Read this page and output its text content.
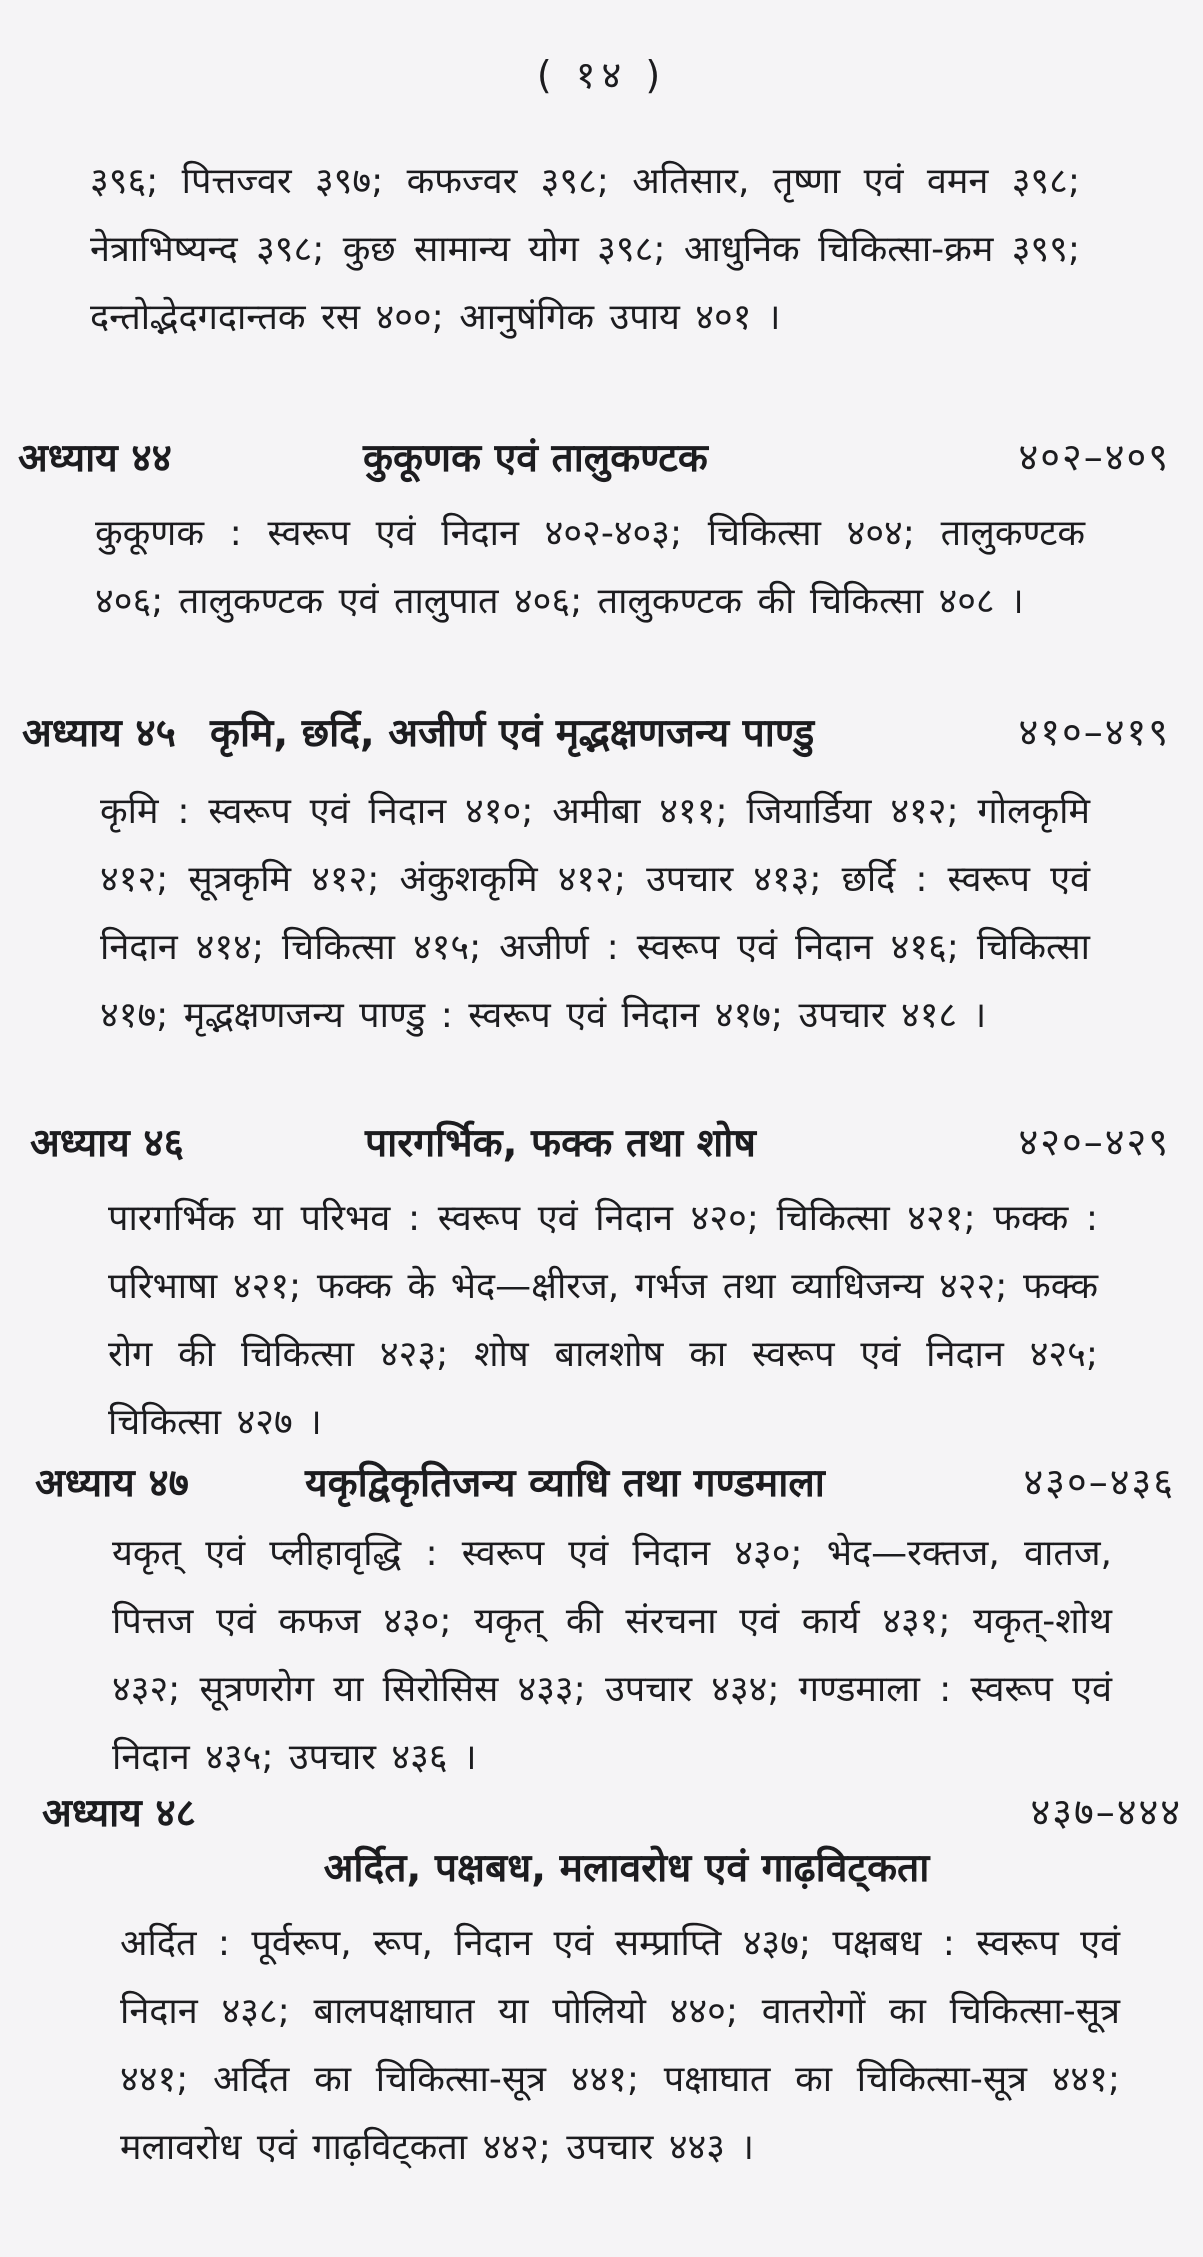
( १४ )
३९६; पित्तज्वर ३९७; कफज्वर ३९८; अतिसार, तृष्णा एवं वमन ३९८; नेत्राभिष्यन्द ३९८; कुछ सामान्य योग ३९८; आधुनिक चिकित्सा-क्रम ३९९; दन्तोद्भेदगदान्तक रस ४००; आनुषंगिक उपाय ४०१ ।
अध्याय ४४	कुकूणक एवं तालुकण्टक	४०२–४०९
कुकूणक : स्वरूप एवं निदान ४०२-४०३; चिकित्सा ४०४; तालुकण्टक ४०६; तालुकण्टक एवं तालुपात ४०६; तालुकण्टक की चिकित्सा ४०८ ।
अध्याय ४५ कृमि, छर्दि, अजीर्ण एवं मृद्भक्षणजन्य पाण्डु	४१०–४१९
कृमि : स्वरूप एवं निदान ४१०; अमीबा ४११; जियार्डिया ४१२; गोलकृमि ४१२; सूत्रकृमि ४१२; अंकुशकृमि ४१२; उपचार ४१३; छर्दि : स्वरूप एवं निदान ४१४; चिकित्सा ४१५; अजीर्ण : स्वरूप एवं निदान ४१६; चिकित्सा ४१७; मृद्भक्षणजन्य पाण्डु : स्वरूप एवं निदान ४१७; उपचार ४१८ ।
अध्याय ४६	पारगर्भिक, फक्क तथा शोष	४२०–४२९
पारगर्भिक या परिभव : स्वरूप एवं निदान ४२०; चिकित्सा ४२१; फक्क : परिभाषा ४२१; फक्क के भेद—क्षीरज, गर्भज तथा व्याधिजन्य ४२२; फक्क रोग की चिकित्सा ४२३; शोष बालशोष का स्वरूप एवं निदान ४२५; चिकित्सा ४२७ ।
अध्याय ४७	यकृद्विकृतिजन्य व्याधि तथा गण्डमाला	४३०–४३६
यकृत् एवं प्लीहावृद्धि : स्वरूप एवं निदान ४३०; भेद—रक्तज, वातज, पित्तज एवं कफज ४३०; यकृत् की संरचना एवं कार्य ४३१; यकृत्-शोथ ४३२; सूत्रणरोग या सिरोसिस ४३३; उपचार ४३४; गण्डमाला : स्वरूप एवं निदान ४३५; उपचार ४३६ ।
अध्याय ४८	४३७–४४४
अर्दित, पक्षबध, मलावरोध एवं गाढ़विट्कता
अर्दित : पूर्वरूप, रूप, निदान एवं सम्प्राप्ति ४३७; पक्षबध : स्वरूप एवं निदान ४३८; बालपक्षाघात या पोलियो ४४०; वातरोगों का चिकित्सा-सूत्र ४४१; अर्दित का चिकित्सा-सूत्र ४४१; पक्षाघात का चिकित्सा-सूत्र ४४१; मलावरोध एवं गाढ़विट्कता ४४२; उपचार ४४३ ।
